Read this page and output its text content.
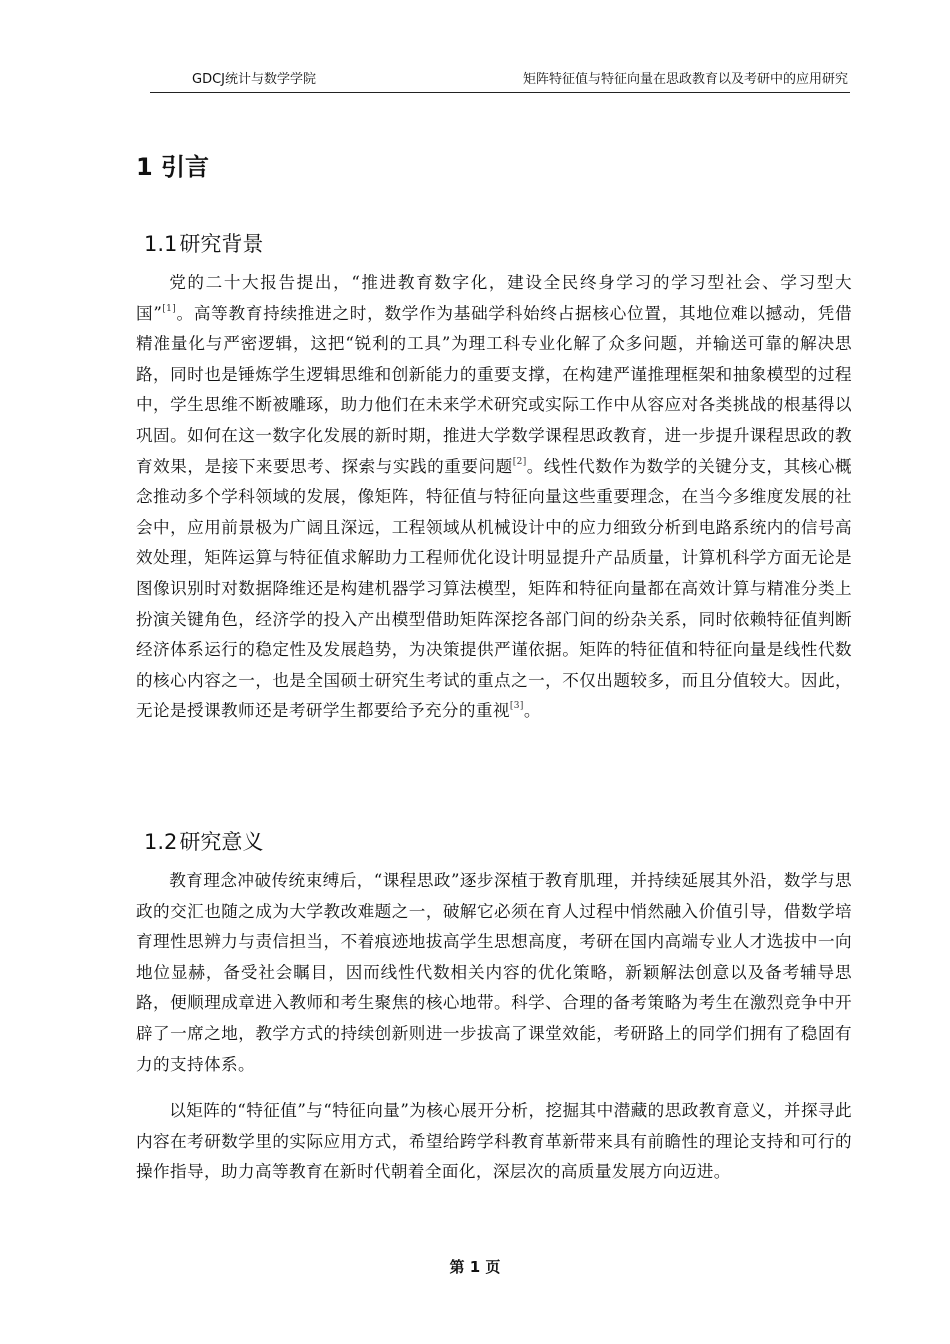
GDCJ统计与数学学院	矩阵特征值与特征向量在思政教育以及考研中的应用研究
1 引言
1.1研究背景

党的二十大报告提出，“推进教育数字化，建设全民终身学习的学习型社会、学习型大国”[1]。高等教育持续推进之时，数学作为基础学科始终占据核心位置，其地位难以撼动，凭借精准量化与严密逻辑，这把“锐利的工具”为理工科专业化解了众多问题，并输送可靠的解决思路，同时也是锤炼学生逻辑思维和创新能力的重要支撑，在构建严谨推理框架和抽象模型的过程中，学生思维不断被雕琢，助力他们在未来学术研究或实际工作中从容应对各类挑战的根基得以巩固。如何在这一数字化发展的新时期，推进大学数学课程思政教育，进一步提升课程思政的教育效果，是接下来要思考、探索与实践的重要问题[2]。线性代数作为数学的关键分支，其核心概念推动多个学科领域的发展，像矩阵，特征值与特征向量这些重要理念，在当今多维度发展的社会中，应用前景极为广阔且深远，工程领域从机械设计中的应力细致分析到电路系统内的信号高效处理，矩阵运算与特征值求解助力工程师优化设计明显提升产品质量，计算机科学方面无论是图像识别时对数据降维还是构建机器学习算法模型，矩阵和特征向量都在高效计算与精准分类上扮演关键角色，经济学的投入产出模型借助矩阵深挖各部门间的纷杂关系，同时依赖特征值判断经济体系运行的稳定性及发展趋势，为决策提供严谨依据。矩阵的特征值和特征向量是线性代数的核心内容之一，也是全国硕士研究生考试的重点之一，不仅出题较多，而且分值较大。因此，无论是授课教师还是考研学生都要给予充分的重视[3]。

1.2研究意义

教育理念冲破传统束缚后，“课程思政”逐步深植于教育肌理，并持续延展其外沿，数学与思政的交汇也随之成为大学教改难题之一，破解它必须在育人过程中悄然融入价值引导，借数学培育理性思辨力与责信担当，不着痕迹地拔高学生思想高度，考研在国内高端专业人才选拔中一向地位显赫，备受社会瞩目，因而线性代数相关内容的优化策略，新颖解法创意以及备考辅导思路，便顺理成章进入教师和考生聚焦的核心地带。科学、合理的备考策略为考生在激烈竞争中开辟了一席之地，教学方式的持续创新则进一步拔高了课堂效能，考研路上的同学们拥有了稳固有力的支持体系。

以矩阵的“特征值”与“特征向量”为核心展开分析，挖掘其中潜藏的思政教育意义，并探寻此内容在考研数学里的实际应用方式，希望给跨学科教育革新带来具有前瞻性的理论支持和可行的操作指导，助力高等教育在新时代朝着全面化，深层次的高质量发展方向迈进。

第 1 页
